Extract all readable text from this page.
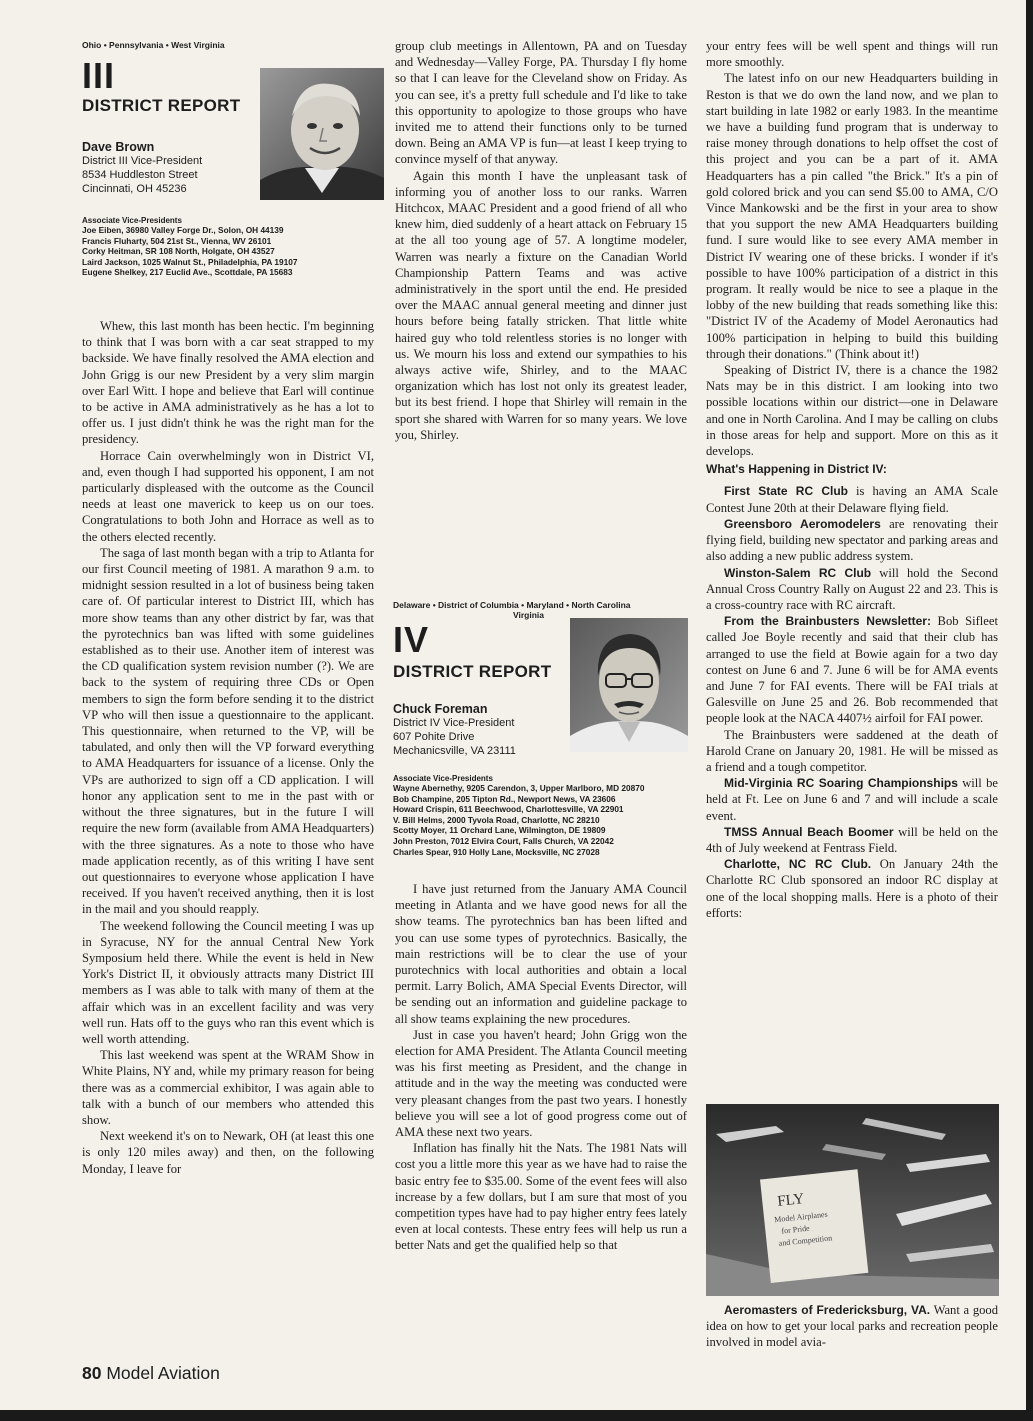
Ohio • Pennsylvania • West Virginia
III
DISTRICT REPORT
Dave Brown
District III Vice-President
8534 Huddleston Street
Cincinnati, OH 45236
Associate Vice-Presidents
Joe Eiben, 36980 Valley Forge Dr., Solon, OH 44139
Francis Fluharty, 504 21st St., Vienna, WV 26101
Corky Heitman, SR 108 North, Holgate, OH 43527
Laird Jackson, 1025 Walnut St., Philadelphia, PA 19107
Eugene Shelkey, 217 Euclid Ave., Scottdale, PA 15683

Whew, this last month has been hectic. I'm beginning to think that I was born with a car seat strapped to my backside. We have finally resolved the AMA election and John Grigg is our new President by a very slim margin over Earl Witt. I hope and believe that Earl will continue to be active in AMA administratively as he has a lot to offer us. I just didn't think he was the right man for the presidency.

Horrace Cain overwhelmingly won in District VI, and, even though I had supported his opponent, I am not particularly displeased with the outcome as the Council needs at least one maverick to keep us on our toes. Congratulations to both John and Horrace as well as to the others elected recently.

The saga of last month began with a trip to Atlanta for our first Council meeting of 1981. A marathon 9 a.m. to midnight session resulted in a lot of business being taken care of. Of particular interest to District III, which has more show teams than any other district by far, was that the pyrotechnics ban was lifted with some guidelines established as to their use. Another item of interest was the CD qualification system revision number (?). We are back to the system of requiring three CDs or Open members to sign the form before sending it to the district VP who will then issue a questionnaire to the applicant. This questionnaire, when returned to the VP, will be tabulated, and only then will the VP forward everything to AMA Headquarters for issuance of a license. Only the VPs are authorized to sign off a CD application. I will honor any application sent to me in the past with or without the three signatures, but in the future I will require the new form (available from AMA Headquarters) with the three signatures. As a note to those who have made application recently, as of this writing I have sent out questionnaires to everyone whose application I have received. If you haven't received anything, then it is lost in the mail and you should reapply.

The weekend following the Council meeting I was up in Syracuse, NY for the annual Central New York Symposium held there. While the event is held in New York's District II, it obviously attracts many District III members as I was able to talk with many of them at the affair which was in an excellent facility and was very well run. Hats off to the guys who ran this event which is well worth attending.

This last weekend was spent at the WRAM Show in White Plains, NY and, while my primary reason for being there was as a commercial exhibitor, I was again able to talk with a bunch of our members who attended this show.

Next weekend it's on to Newark, OH (at least this one is only 120 miles away) and then, on the following Monday, I leave for

group club meetings in Allentown, PA and on Tuesday and Wednesday—Valley Forge, PA. Thursday I fly home so that I can leave for the Cleveland show on Friday. As you can see, it's a pretty full schedule and I'd like to take this opportunity to apologize to those groups who have invited me to attend their functions only to be turned down. Being an AMA VP is fun—at least I keep trying to convince myself of that anyway.

Again this month I have the unpleasant task of informing you of another loss to our ranks. Warren Hitchcox, MAAC President and a good friend of all who knew him, died suddenly of a heart attack on February 15 at the all too young age of 57. A longtime modeler, Warren was nearly a fixture on the Canadian World Championship Pattern Teams and was active administratively in the sport until the end. He presided over the MAAC annual general meeting and dinner just hours before being fatally stricken. That little white haired guy who told relentless stories is no longer with us. We mourn his loss and extend our sympathies to his always active wife, Shirley, and to the MAAC organization which has lost not only its greatest leader, but its best friend. I hope that Shirley will remain in the sport she shared with Warren for so many years. We love you, Shirley.

Delaware • District of Columbia • Maryland • North Carolina
Virginia
IV
DISTRICT REPORT
Chuck Foreman
District IV Vice-President
607 Pohite Drive
Mechanicsville, VA 23111
Associate Vice-Presidents
Wayne Abernethy, 9205 Carendon, 3, Upper Marlboro, MD 20870
Bob Champine, 205 Tipton Rd., Newport News, VA 23606
Howard Crispin, 611 Beechwood, Charlottesville, VA 22901
V. Bill Helms, 2000 Tyvola Road, Charlotte, NC 28210
Scotty Moyer, 11 Orchard Lane, Wilmington, DE 19809
John Preston, 7012 Elvira Court, Falls Church, VA 22042
Charles Spear, 910 Holly Lane, Mocksville, NC 27028

I have just returned from the January AMA Council meeting in Atlanta and we have good news for all the show teams. The pyrotechnics ban has been lifted and you can use some types of pyrotechnics. Basically, the main restrictions will be to clear the use of your purotechnics with local authorities and obtain a local permit. Larry Bolich, AMA Special Events Director, will be sending out an information and guideline package to all show teams explaining the new procedures.

Just in case you haven't heard; John Grigg won the election for AMA President. The Atlanta Council meeting was his first meeting as President, and the change in attitude and in the way the meeting was conducted were very pleasant changes from the past two years. I honestly believe you will see a lot of good progress come out of AMA these next two years.

Inflation has finally hit the Nats. The 1981 Nats will cost you a little more this year as we have had to raise the basic entry fee to $35.00. Some of the event fees will also increase by a few dollars, but I am sure that most of you competition types have had to pay higher entry fees lately even at local contests. These entry fees will help us run a better Nats and get the qualified help so that

your entry fees will be well spent and things will run more smoothly.

The latest info on our new Headquarters building in Reston is that we do own the land now, and we plan to start building in late 1982 or early 1983. In the meantime we have a building fund program that is underway to raise money through donations to help offset the cost of this project and you can be a part of it. AMA Headquarters has a pin called "the Brick." It's a pin of gold colored brick and you can send $5.00 to AMA, C/O Vince Mankowski and be the first in your area to show that you support the new AMA Headquarters building fund. I sure would like to see every AMA member in District IV wearing one of these bricks. I wonder if it's possible to have 100% participation of a district in this program. It really would be nice to see a plaque in the lobby of the new building that reads something like this: "District IV of the Academy of Model Aeronautics had 100% participation in helping to build this building through their donations." (Think about it!)

Speaking of District IV, there is a chance the 1982 Nats may be in this district. I am looking into two possible locations within our district—one in Delaware and one in North Carolina. And I may be calling on clubs in those areas for help and support. More on this as it develops.

What's Happening in District IV:

First State RC Club is having an AMA Scale Contest June 20th at their Delaware flying field.

Greensboro Aeromodelers are renovating their flying field, building new spectator and parking areas and also adding a new public address system.

Winston-Salem RC Club will hold the Second Annual Cross Country Rally on August 22 and 23. This is a cross-country race with RC aircraft.

From the Brainbusters Newsletter: Bob Sifleet called Joe Boyle recently and said that their club has arranged to use the field at Bowie again for a two day contest on June 6 and 7. June 6 will be for AMA events and June 7 for FAI events. There will be FAI trials at Galesville on June 25 and 26. Bob recommended that people look at the NACA 4407½ airfoil for FAI power.

The Brainbusters were saddened at the death of Harold Crane on January 20, 1981. He will be missed as a friend and a tough competitor.

Mid-Virginia RC Soaring Championships will be held at Ft. Lee on June 6 and 7 and will include a scale event.

TMSS Annual Beach Boomer will be held on the 4th of July weekend at Fentrass Field.

Charlotte, NC RC Club. On January 24th the Charlotte RC Club sponsored an indoor RC display at one of the local shopping malls. Here is a photo of their efforts:

FLY
Model Airplanes
for Pride
and Competition

Aeromasters of Fredericksburg, VA. Want a good idea on how to get your local parks and recreation people involved in model avia-

80 Model Aviation
